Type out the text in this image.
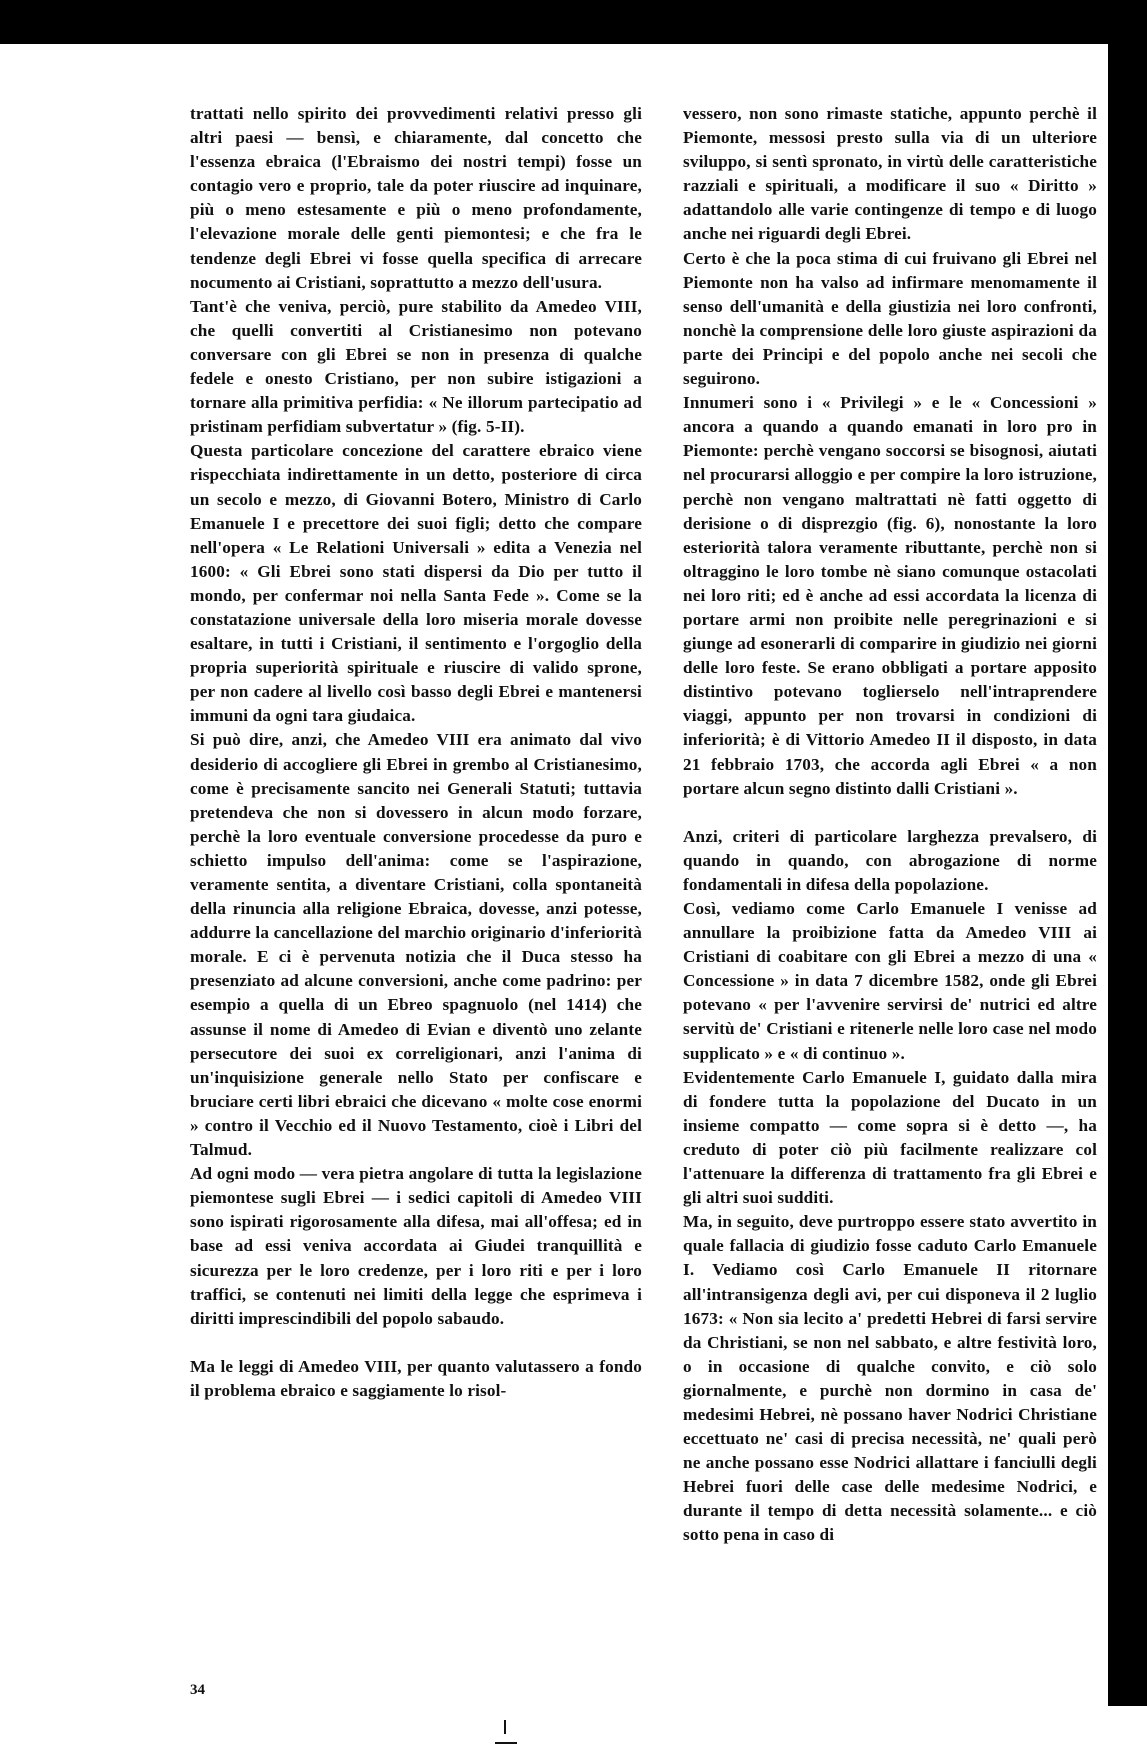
trattati nello spirito dei provvedimenti relativi presso gli altri paesi — bensì, e chiaramente, dal concetto che l'essenza ebraica (l'Ebraismo dei nostri tempi) fosse un contagio vero e proprio, tale da poter riuscire ad inquinare, più o meno estesamente e più o meno profondamente, l'elevazione morale delle genti piemontesi; e che fra le tendenze degli Ebrei vi fosse quella specifica di arrecare nocumento ai Cristiani, soprattutto a mezzo dell'usura.

Tant'è che veniva, perciò, pure stabilito da Amedeo VIII, che quelli convertiti al Cristianesimo non potevano conversare con gli Ebrei se non in presenza di qualche fedele e onesto Cristiano, per non subire istigazioni a tornare alla primitiva perfidia: « Ne illorum partecipatio ad pristinam perfidiam subvertatur » (fig. 5-II).

Questa particolare concezione del carattere ebraico viene rispecchiata indirettamente in un detto, posteriore di circa un secolo e mezzo, di Giovanni Botero, Ministro di Carlo Emanuele I e precettore dei suoi figli; detto che compare nell'opera « Le Relationi Universali » edita a Venezia nel 1600: « Gli Ebrei sono stati dispersi da Dio per tutto il mondo, per confermar noi nella Santa Fede ». Come se la constatazione universale della loro miseria morale dovesse esaltare, in tutti i Cristiani, il sentimento e l'orgoglio della propria superiorità spirituale e riuscire di valido sprone, per non cadere al livello così basso degli Ebrei e mantenersi immuni da ogni tara giudaica.

Si può dire, anzi, che Amedeo VIII era animato dal vivo desiderio di accogliere gli Ebrei in grembo al Cristianesimo, come è precisamente sancito nei Generali Statuti; tuttavia pretendeva che non si dovessero in alcun modo forzare, perchè la loro eventuale conversione procedesse da puro e schietto impulso dell'anima: come se l'aspirazione, veramente sentita, a diventare Cristiani, colla spontaneità della rinuncia alla religione Ebraica, dovesse, anzi potesse, addurre la cancellazione del marchio originario d'inferiorità morale. E ci è pervenuta notizia che il Duca stesso ha presenziato ad alcune conversioni, anche come padrino: per esempio a quella di un Ebreo spagnuolo (nel 1414) che assunse il nome di Amedeo di Evian e diventò uno zelante persecutore dei suoi ex correligionari, anzi l'anima di un'inquisizione generale nello Stato per confiscare e bruciare certi libri ebraici che dicevano « molte cose enormi » contro il Vecchio ed il Nuovo Testamento, cioè i Libri del Talmud.

Ad ogni modo — vera pietra angolare di tutta la legislazione piemontese sugli Ebrei — i sedici capitoli di Amedeo VIII sono ispirati rigorosamente alla difesa, mai all'offesa; ed in base ad essi veniva accordata ai Giudei tranquillità e sicurezza per le loro credenze, per i loro riti e per i loro traffici, se contenuti nei limiti della legge che esprimeva i diritti imprescindibili del popolo sabaudo.

Ma le leggi di Amedeo VIII, per quanto valutassero a fondo il problema ebraico e saggiamente lo risol-

vessero, non sono rimaste statiche, appunto perchè il Piemonte, messosi presto sulla via di un ulteriore sviluppo, si sentì spronato, in virtù delle caratteristiche razziali e spirituali, a modificare il suo « Diritto » adattandolo alle varie contingenze di tempo e di luogo anche nei riguardi degli Ebrei.

Certo è che la poca stima di cui fruivano gli Ebrei nel Piemonte non ha valso ad infirmare menomamente il senso dell'umanità e della giustizia nei loro confronti, nonchè la comprensione delle loro giuste aspirazioni da parte dei Principi e del popolo anche nei secoli che seguirono.

Innumeri sono i « Privilegi » e le « Concessioni » ancora a quando a quando emanati in loro pro in Piemonte: perchè vengano soccorsi se bisognosi, aiutati nel procurarsi alloggio e per compire la loro istruzione, perchè non vengano maltrattati nè fatti oggetto di derisione o di disprezgio (fig. 6), nonostante la loro esteriorità talora veramente ributtante, perchè non si oltraggino le loro tombe nè siano comunque ostacolati nei loro riti; ed è anche ad essi accordata la licenza di portare armi non proibite nelle peregrinazioni e si giunge ad esonerarli di comparire in giudizio nei giorni delle loro feste. Se erano obbligati a portare apposito distintivo potevano toglierselo nell'intraprendere viaggi, appunto per non trovarsi in condizioni di inferiorità; è di Vittorio Amedeo II il disposto, in data 21 febbraio 1703, che accorda agli Ebrei « a non portare alcun segno distinto dalli Cristiani ».

Anzi, criteri di particolare larghezza prevalsero, di quando in quando, con abrogazione di norme fondamentali in difesa della popolazione.

Così, vediamo come Carlo Emanuele I venisse ad annullare la proibizione fatta da Amedeo VIII ai Cristiani di coabitare con gli Ebrei a mezzo di una « Concessione » in data 7 dicembre 1582, onde gli Ebrei potevano « per l'avvenire servirsi de' nutrici ed altre servitù de' Cristiani e ritenerle nelle loro case nel modo supplicato » e « di continuo ».

Evidentemente Carlo Emanuele I, guidato dalla mira di fondere tutta la popolazione del Ducato in un insieme compatto — come sopra si è detto —, ha creduto di poter ciò più facilmente realizzare col l'attenuare la differenza di trattamento fra gli Ebrei e gli altri suoi sudditi.

Ma, in seguito, deve purtroppo essere stato avvertito in quale fallacia di giudizio fosse caduto Carlo Emanuele I. Vediamo così Carlo Emanuele II ritornare all'intransigenza degli avi, per cui disponeva il 2 luglio 1673: « Non sia lecito a' predetti Hebrei di farsi servire da Christiani, se non nel sabbato, e altre festività loro, o in occasione di qualche convito, e ciò solo giornalmente, e purchè non dormino in casa de' medesimi Hebrei, nè possano haver Nodrici Christiane eccettuato ne' casi di precisa necessità, ne' quali però ne anche possano esse Nodrici allattare i fanciulli degli Hebrei fuori delle case delle medesime Nodrici, e durante il tempo di detta necessità solamente... e ciò sotto pena in caso di

34
